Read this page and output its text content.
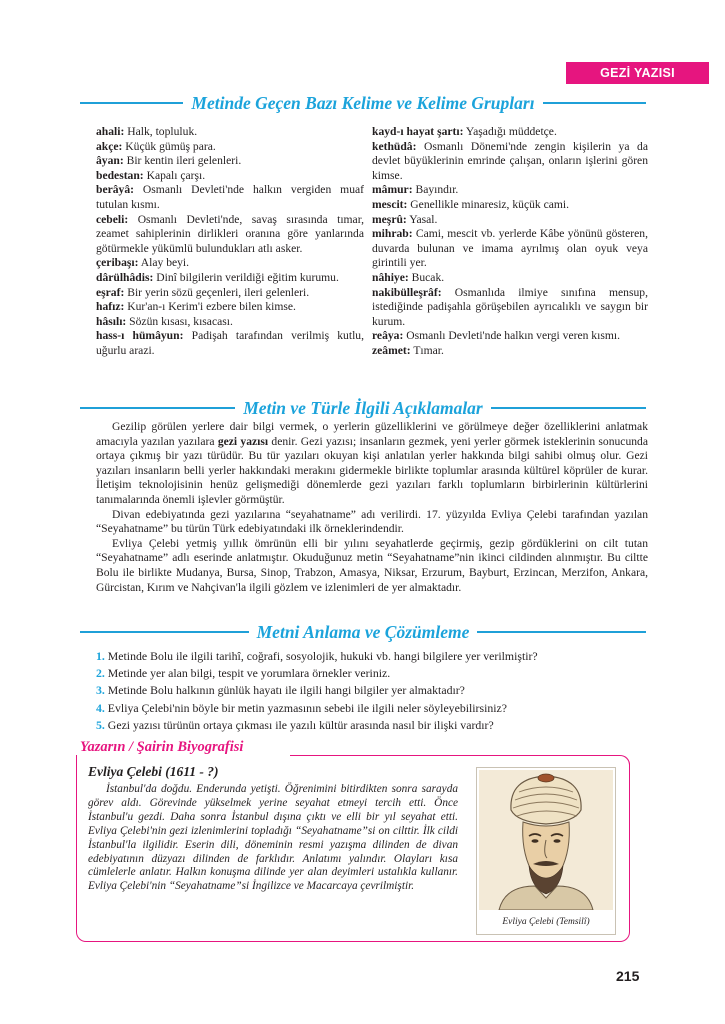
GEZİ YAZISI
Metinde Geçen Bazı Kelime ve Kelime Grupları
ahali: Halk, topluluk.
akçe: Küçük gümüş para.
âyan: Bir kentin ileri gelenleri.
bedestan: Kapalı çarşı.
berâyâ: Osmanlı Devleti'nde halkın vergiden muaf tutulan kısmı.
cebeli: Osmanlı Devleti'nde, savaş sırasında tımar, zeamet sahiplerinin dirlikleri oranına göre yanlarında götürmekle yükümlü bulundukları atlı asker.
çeribaşı: Alay beyi.
dârülhâdis: Dinî bilgilerin verildiği eğitim kurumu.
eşraf: Bir yerin sözü geçenleri, ileri gelenleri.
hafız: Kur'an-ı Kerim'i ezbere bilen kimse.
hâsılı: Sözün kısası, kısacası.
hass-ı hümâyun: Padişah tarafından verilmiş kutlu, uğurlu arazi.
kayd-ı hayat şartı: Yaşadığı müddetçe.
kethüdâ: Osmanlı Dönemi'nde zengin kişilerin ya da devlet büyüklerinin emrinde çalışan, onların işlerini gören kimse.
mâmur: Bayındır.
mescit: Genellikle minaresiz, küçük cami.
meşrû: Yasal.
mihrab: Cami, mescit vb. yerlerde Kâbe yönünü gösteren, duvarda bulunan ve imama ayrılmış olan oyuk veya girintili yer.
nâhiye: Bucak.
nakibülleşrâf: Osmanlıda ilmiye sınıfına mensup, istediğinde padişahla görüşebilen ayrıcalıklı ve saygın bir kurum.
reâya: Osmanlı Devleti'nde halkın vergi veren kısmı.
zeâmet: Tımar.
Metin ve Türle İlgili Açıklamalar

Gezilip görülen yerlere dair bilgi vermek, o yerlerin güzelliklerini ve görülmeye değer özelliklerini anlatmak amacıyla yazılan yazılara gezi yazısı denir. Gezi yazısı; insanların gezmek, yeni yerler görmek isteklerinin sonucunda ortaya çıkmış bir yazı türüdür. Bu tür yazıları okuyan kişi anlatılan yerler hakkında bilgi sahibi olmuş olur. Gezi yazıları insanların belli yerler hakkındaki merakını gidermekle birlikte toplumlar arasında kültürel köprüler de kurar. İletişim teknolojisinin henüz gelişmediği dönemlerde gezi yazıları farklı toplumların birbirlerinin kültürlerini tanımalarında önemli işlevler görmüştür.

Divan edebiyatında gezi yazılarına “seyahatname” adı verilirdi. 17. yüzyılda Evliya Çelebi tarafından yazılan “Seyahatname” bu türün Türk edebiyatındaki ilk örneklerindendir.

Evliya Çelebi yetmiş yıllık ömrünün elli bir yılını seyahatlerde geçirmiş, gezip gördüklerini on cilt tutan “Seyahatname” adlı eserinde anlatmıştır. Okuduğunuz metin “Seyahatname”nin ikinci cildinden alınmıştır. Bu ciltte Bolu ile birlikte Mudanya, Bursa, Sinop, Trabzon, Amasya, Niksar, Erzurum, Bayburt, Erzincan, Merzifon, Ankara, Gürcistan, Kırım ve Nahçivan'la ilgili gözlem ve izlenimleri de yer almaktadır.

Metni Anlama ve Çözümleme
1. Metinde Bolu ile ilgili tarihî, coğrafi, sosyolojik, hukuki vb. hangi bilgilere yer verilmiştir?
2. Metinde yer alan bilgi, tespit ve yorumlara örnekler veriniz.
3. Metinde Bolu halkının günlük hayatı ile ilgili hangi bilgiler yer almaktadır?
4. Evliya Çelebi'nin böyle bir metin yazmasının sebebi ile ilgili neler söyleyebilirsiniz?
5. Gezi yazısı türünün ortaya çıkması ile yazılı kültür arasında nasıl bir ilişki vardır?
Yazarın / Şairin Biyografisi
Evliya Çelebi (1611 - ?)

İstanbul'da doğdu. Enderunda yetişti. Öğrenimini bitirdikten sonra sarayda görev aldı. Görevinde yükselmek yerine seyahat etmeyi tercih etti. Önce İstanbul'u gezdi. Daha sonra İstanbul dışına çıktı ve elli bir yıl seyahat etti. Evliya Çelebi'nin gezi izlenimlerini topladığı “Seyahatname”si on cilttir. İlk cildi İstanbul'la ilgilidir. Eserin dili, döneminin resmi yazışma dilinden de divan edebiyatının düzyazı dilinden de farklıdır. Anlatımı yalındır. Olayları kısa cümlelerle anlatır. Halkın konuşma dilinde yer alan deyimleri ustalıkla kullanır. Evliya Çelebi'nin “Seyahatname”si İngilizce ve Macarcaya çevrilmiştir.

Evliya Çelebi (Temsilî)
215
